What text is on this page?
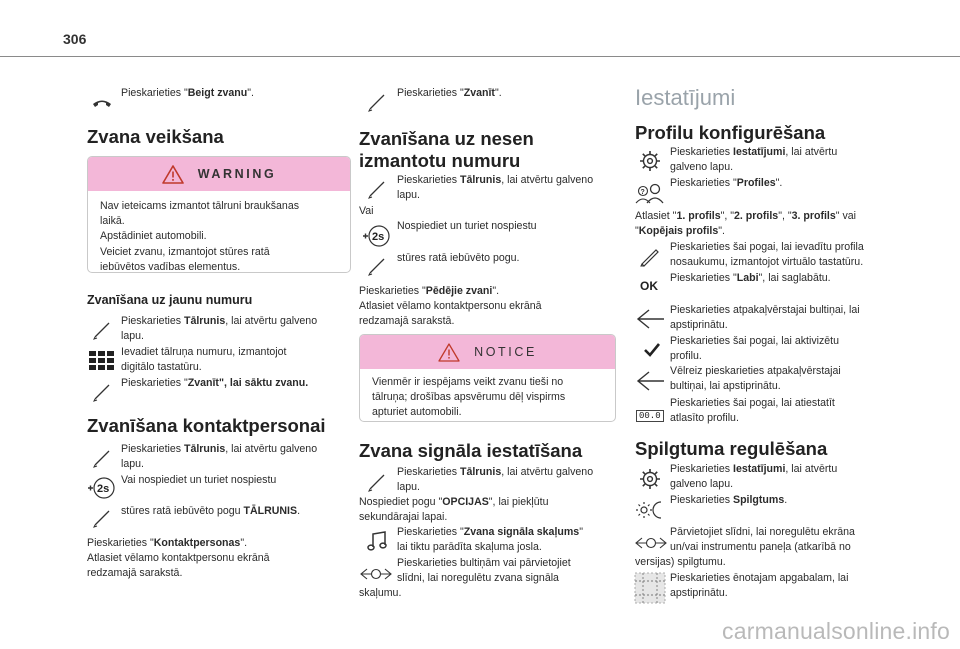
306
Pieskarieties "Beigt zvanu".
Zvana veikšana
WARNING
Nav ieteicams izmantot tālruni braukšanas
laikā.
Apstādiniet automobili.
Veiciet zvanu, izmantojot stūres ratā
iebūvētos vadības elementus.
Zvanīšana uz jaunu numuru
Pieskarieties Tālrunis, lai atvērtu galveno
lapu.
Ievadiet tālruņa numuru, izmantojot
digitālo tastatūru.
Pieskarieties "Zvanīt", lai sāktu zvanu.
Zvanīšana kontaktpersonai
Pieskarieties Tālrunis, lai atvērtu galveno
lapu.
2s
Vai nospiediet un turiet nospiestu
stūres ratā iebūvēto pogu TĀLRUNIS.
Pieskarieties "Kontaktpersonas".
Atlasiet vēlamo kontaktpersonu ekrānā
redzamajā sarakstā.
Pieskarieties "Zvanīt".
Zvanīšana uz nesen
izmantotu numuru
Pieskarieties Tālrunis, lai atvērtu galveno
lapu.
Vai
2s
Nospiediet un turiet nospiestu
stūres ratā iebūvēto pogu.
Pieskarieties "Pēdējie zvani".
Atlasiet vēlamo kontaktpersonu ekrānā
redzamajā sarakstā.
NOTICE
Vienmēr ir iespējams veikt zvanu tieši no
tālruņa; drošības apsvērumu dēļ vispirms
apturiet automobili.
Zvana signāla iestatīšana
Pieskarieties Tālrunis, lai atvērtu galveno
lapu.
Nospiediet pogu "OPCIJAS", lai piekļūtu
sekundārajai lapai.
Pieskarieties "Zvana signāla skaļums"
lai tiktu parādīta skaļuma josla.
Pieskarieties bultiņām vai pārvietojiet
slīdni, lai noregulētu zvana signāla
skaļumu.
Iestatījumi
Profilu konfigurēšana
Pieskarieties Iestatījumi, lai atvērtu
galveno lapu.
?
Pieskarieties "Profiles".
Atlasiet "1. profils", "2. profils", "3. profils" vai
"Kopējais profils".
Pieskarieties šai pogai, lai ievadītu profila
nosaukumu, izmantojot virtuālo tastatūru.
Pieskarieties "Labi", lai saglabātu.
OK
Pieskarieties atpakaļvērstajai bultiņai, lai
apstiprinātu.
Pieskarieties šai pogai, lai aktivizētu
profilu.
Vēlreiz pieskarieties atpakaļvērstajai
bultiņai, lai apstiprinātu.
00.0
Pieskarieties šai pogai, lai atiestatīt
atlasīto profilu.
Spilgtuma regulēšana
Pieskarieties Iestatījumi, lai atvērtu
galveno lapu.
Pieskarieties Spilgtums.
Pārvietojiet slīdni, lai noregulētu ekrāna
un/vai instrumentu paneļa (atkarībā no
versijas) spilgtumu.
Pieskarieties ēnotajam apgabalam, lai
apstiprinātu.
carmanualsonline.info
